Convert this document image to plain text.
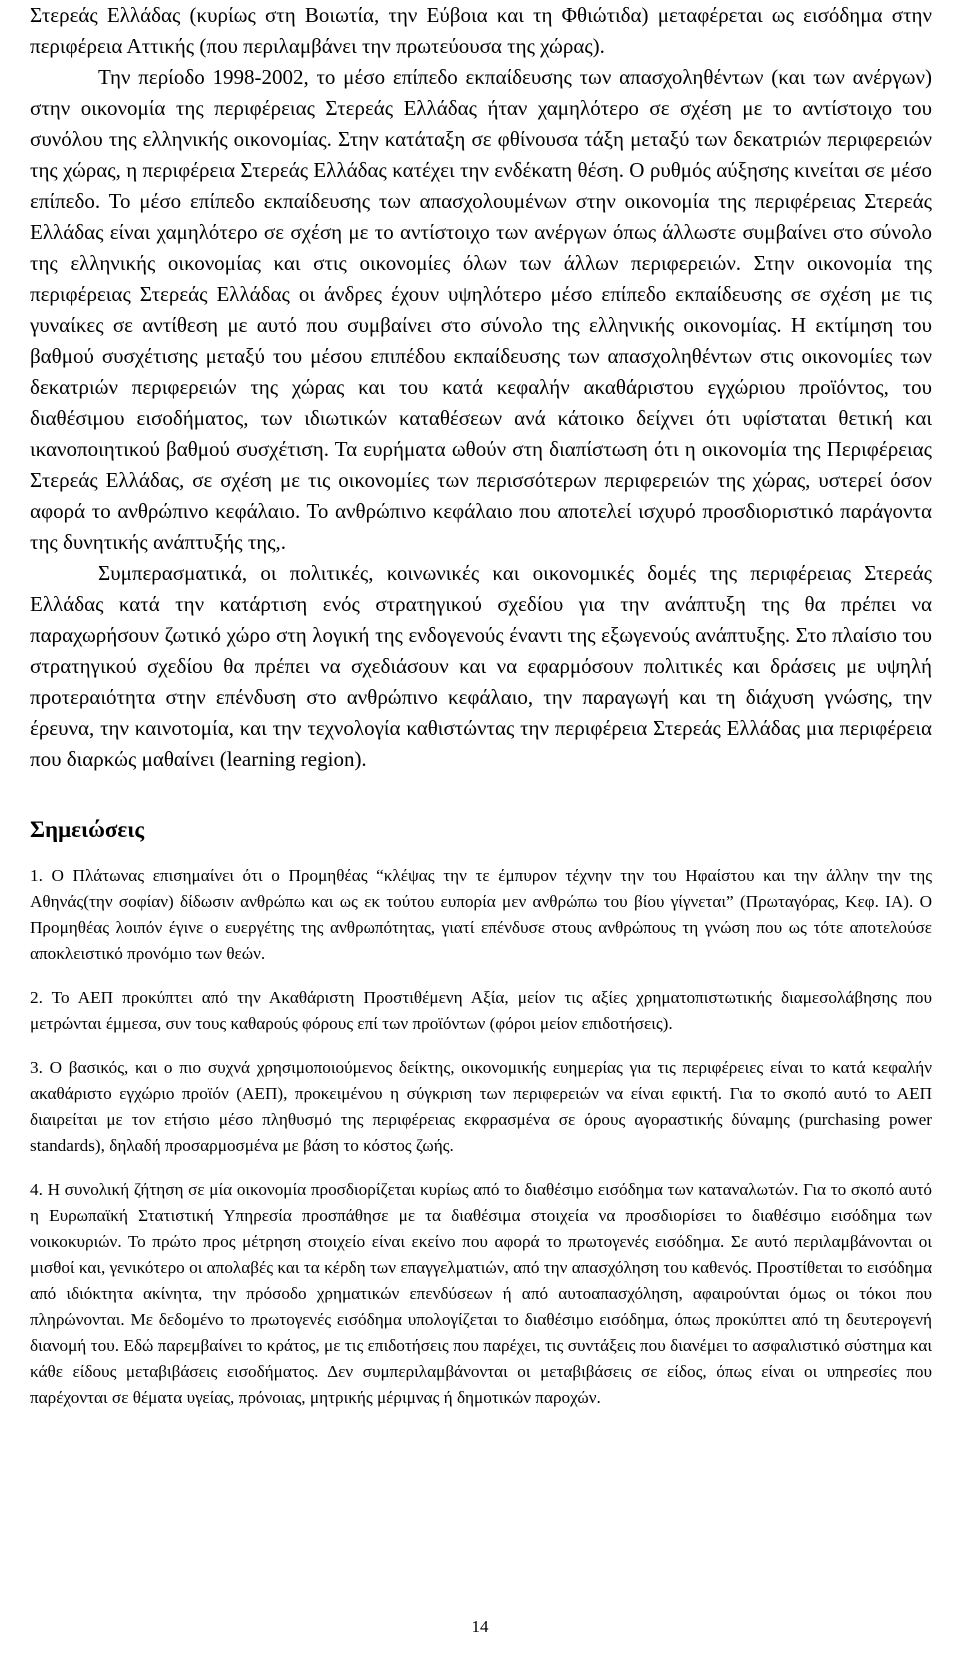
Στερεάς Ελλάδας (κυρίως στη Βοιωτία, την Εύβοια και τη Φθιώτιδα) μεταφέρεται ως εισόδημα στην περιφέρεια Αττικής (που περιλαμβάνει την πρωτεύουσα της χώρας).

Την περίοδο 1998-2002, το μέσο επίπεδο εκπαίδευσης των απασχοληθέντων (και των ανέργων) στην οικονομία της περιφέρειας Στερεάς Ελλάδας ήταν χαμηλότερο σε σχέση με το αντίστοιχο του συνόλου της ελληνικής οικονομίας. Στην κατάταξη σε φθίνουσα τάξη μεταξύ των δεκατριών περιφερειών της χώρας, η περιφέρεια Στερεάς Ελλάδας κατέχει την ενδέκατη θέση. Ο ρυθμός αύξησης κινείται σε μέσο επίπεδο. Το μέσο επίπεδο εκπαίδευσης των απασχολουμένων στην οικονομία της περιφέρειας Στερεάς Ελλάδας είναι χαμηλότερο σε σχέση με το αντίστοιχο των ανέργων όπως άλλωστε συμβαίνει στο σύνολο της ελληνικής οικονομίας και στις οικονομίες όλων των άλλων περιφερειών. Στην οικονομία της περιφέρειας Στερεάς Ελλάδας οι άνδρες έχουν υψηλότερο μέσο επίπεδο εκπαίδευσης σε σχέση με τις γυναίκες σε αντίθεση με αυτό που συμβαίνει στο σύνολο της ελληνικής οικονομίας. Η εκτίμηση του βαθμού συσχέτισης μεταξύ του μέσου επιπέδου εκπαίδευσης των απασχοληθέντων στις οικονομίες των δεκατριών περιφερειών της χώρας και του κατά κεφαλήν ακαθάριστου εγχώριου προϊόντος, του διαθέσιμου εισοδήματος, των ιδιωτικών καταθέσεων ανά κάτοικο δείχνει ότι υφίσταται θετική και ικανοποιητικού βαθμού συσχέτιση. Τα ευρήματα ωθούν στη διαπίστωση ότι η οικονομία της Περιφέρειας Στερεάς Ελλάδας, σε σχέση με τις οικονομίες των περισσότερων περιφερειών της χώρας, υστερεί όσον αφορά το ανθρώπινο κεφάλαιο. Το ανθρώπινο κεφάλαιο που αποτελεί ισχυρό προσδιοριστικό παράγοντα της δυνητικής ανάπτυξής της,.

Συμπερασματικά, οι πολιτικές, κοινωνικές και οικονομικές δομές της περιφέρειας Στερεάς Ελλάδας κατά την κατάρτιση ενός στρατηγικού σχεδίου για την ανάπτυξη της θα πρέπει να παραχωρήσουν ζωτικό χώρο στη λογική της ενδογενούς έναντι της εξωγενούς ανάπτυξης. Στο πλαίσιο του στρατηγικού σχεδίου θα πρέπει να σχεδιάσουν και να εφαρμόσουν πολιτικές και δράσεις με υψηλή προτεραιότητα στην επένδυση στο ανθρώπινο κεφάλαιο, την παραγωγή και τη διάχυση γνώσης, την έρευνα, την καινοτομία, και την τεχνολογία καθιστώντας την περιφέρεια Στερεάς Ελλάδας μια περιφέρεια που διαρκώς μαθαίνει (learning region).

Σημειώσεις

1. Ο Πλάτωνας επισημαίνει ότι ο Προμηθέας “κλέψας την τε έμπυρον τέχνην την του Ηφαίστου και την άλλην την της Αθηνάς(την σοφίαν) δίδωσιν ανθρώπω και ως εκ τούτου ευπορία μεν ανθρώπω του βίου γίγνεται” (Πρωταγόρας, Κεφ. ΙΑ). Ο Προμηθέας λοιπόν έγινε ο ευεργέτης της ανθρωπότητας, γιατί επένδυσε στους ανθρώπους τη γνώση που ως τότε αποτελούσε αποκλειστικό προνόμιο των θεών.

2. Το ΑΕΠ προκύπτει από την Ακαθάριστη Προστιθέμενη Αξία, μείον τις αξίες χρηματοπιστωτικής διαμεσολάβησης που μετρώνται έμμεσα, συν τους καθαρούς φόρους επί των προϊόντων (φόροι μείον επιδοτήσεις).

3. Ο βασικός, και ο πιο συχνά χρησιμοποιούμενος δείκτης, οικονομικής ευημερίας για τις περιφέρειες είναι το κατά κεφαλήν ακαθάριστο εγχώριο προϊόν (ΑΕΠ), προκειμένου η σύγκριση των περιφερειών να είναι εφικτή. Για το σκοπό αυτό το ΑΕΠ διαιρείται με τον ετήσιο μέσο πληθυσμό της περιφέρειας εκφρασμένα σε όρους αγοραστικής δύναμης (purchasing power standards), δηλαδή προσαρμοσμένα με βάση το κόστος ζωής.

4. Η συνολική ζήτηση σε μία οικονομία προσδιορίζεται κυρίως από το διαθέσιμο εισόδημα των καταναλωτών. Για το σκοπό αυτό η Ευρωπαϊκή Στατιστική Υπηρεσία προσπάθησε με τα διαθέσιμα στοιχεία να προσδιορίσει το διαθέσιμο εισόδημα των νοικοκυριών. Το πρώτο προς μέτρηση στοιχείο είναι εκείνο που αφορά το πρωτογενές εισόδημα. Σε αυτό περιλαμβάνονται οι μισθοί και, γενικότερο οι απολαβές και τα κέρδη των επαγγελματιών, από την απασχόληση του καθενός. Προστίθεται το εισόδημα από ιδιόκτητα ακίνητα, την πρόσοδο χρηματικών επενδύσεων ή από αυτοαπασχόληση, αφαιρούνται όμως οι τόκοι που πληρώνονται. Με δεδομένο το πρωτογενές εισόδημα υπολογίζεται το διαθέσιμο εισόδημα, όπως προκύπτει από τη δευτερογενή διανομή του. Εδώ παρεμβαίνει το κράτος, με τις επιδοτήσεις που παρέχει, τις συντάξεις που διανέμει το ασφαλιστικό σύστημα και κάθε είδους μεταβιβάσεις εισοδήματος. Δεν συμπεριλαμβάνονται οι μεταβιβάσεις σε είδος, όπως είναι οι υπηρεσίες που παρέχονται σε θέματα υγείας, πρόνοιας, μητρικής μέριμνας ή δημοτικών παροχών.

14
